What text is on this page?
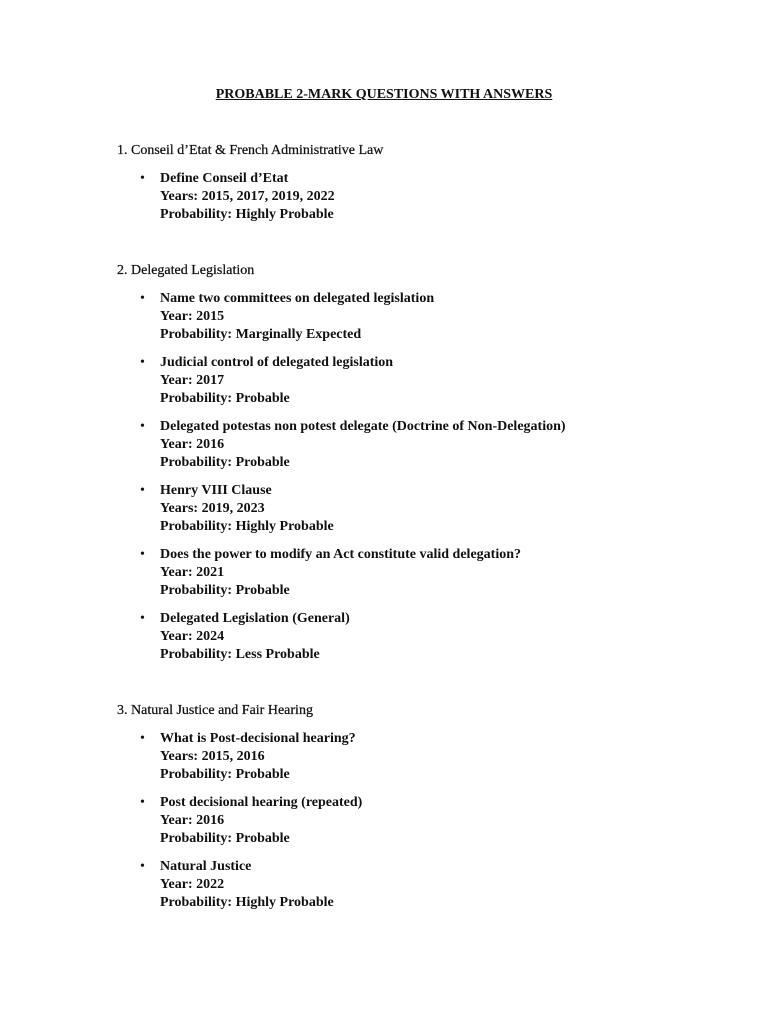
PROBABLE 2-MARK QUESTIONS WITH ANSWERS
1. Conseil d’Etat & French Administrative Law
• Define Conseil d’Etat
Years: 2015, 2017, 2019, 2022
Probability: Highly Probable
2. Delegated Legislation
• Name two committees on delegated legislation
Year: 2015
Probability: Marginally Expected
• Judicial control of delegated legislation
Year: 2017
Probability: Probable
• Delegated potestas non potest delegate (Doctrine of Non-Delegation)
Year: 2016
Probability: Probable
• Henry VIII Clause
Years: 2019, 2023
Probability: Highly Probable
• Does the power to modify an Act constitute valid delegation?
Year: 2021
Probability: Probable
• Delegated Legislation (General)
Year: 2024
Probability: Less Probable
3. Natural Justice and Fair Hearing
• What is Post-decisional hearing?
Years: 2015, 2016
Probability: Probable
• Post decisional hearing (repeated)
Year: 2016
Probability: Probable
• Natural Justice
Year: 2022
Probability: Highly Probable
